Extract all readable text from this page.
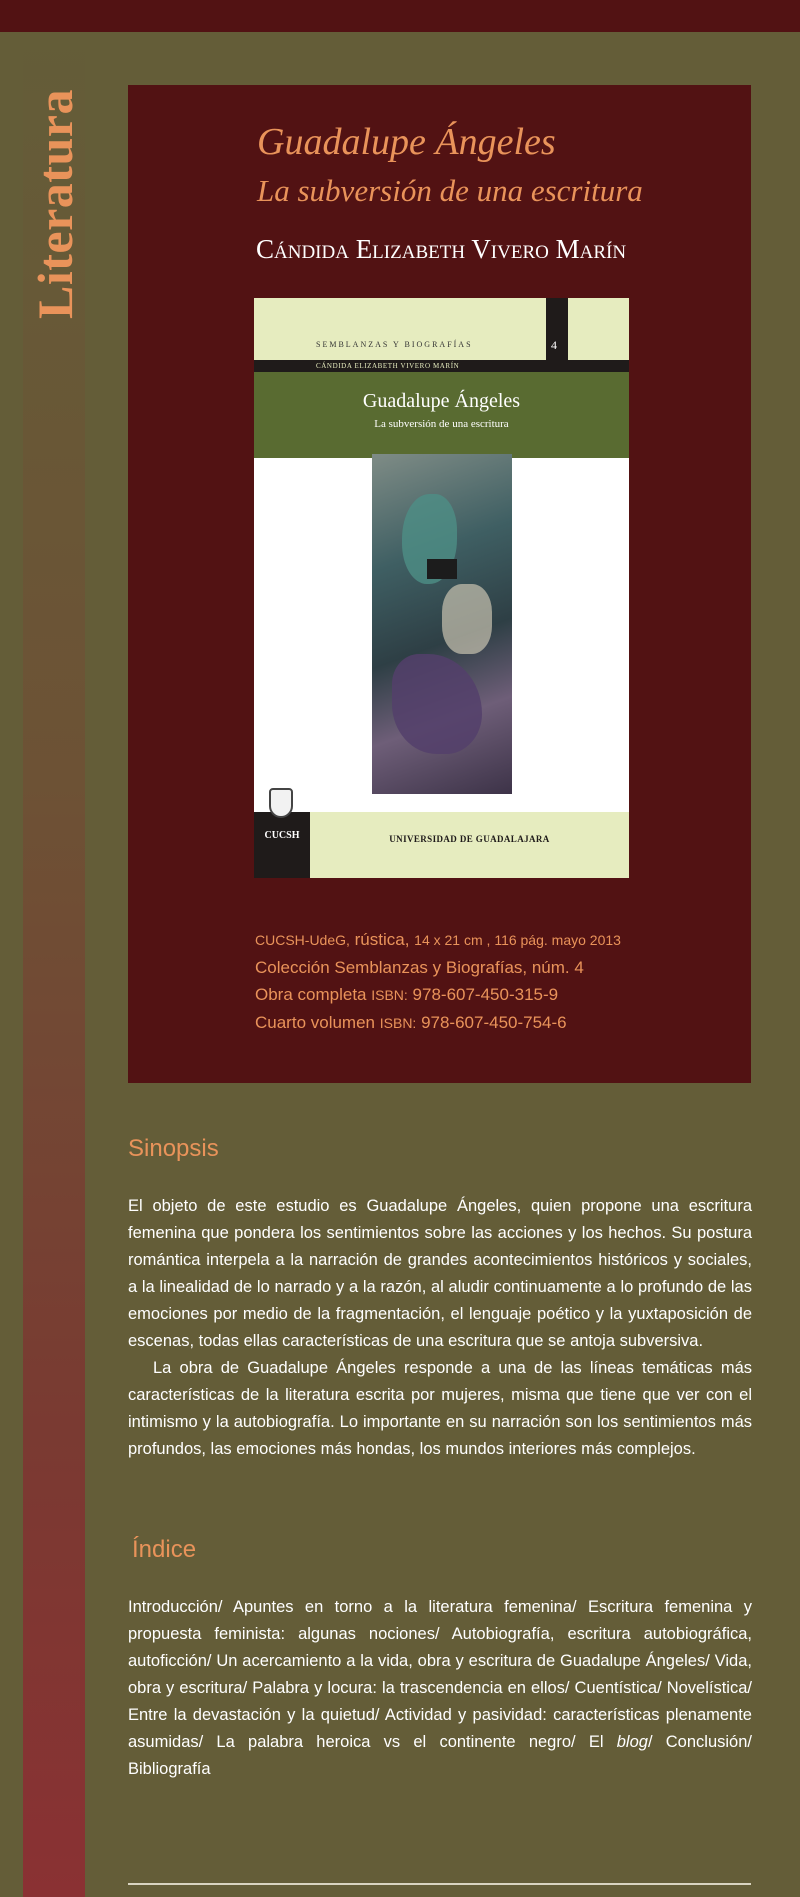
Literatura	Guadalupe Ángeles
La subversión de una escritura
Cándida Elizabeth Vivero Marín
SEMBLANZAS Y BIOGRAFÍAS	4
CÁNDIDA ELIZABETH VIVERO MARÍN
Guadalupe Ángeles
La subversión de una escritura
UNIVERSIDAD DE GUADALAJARA
CUCSH
CUCSH-UdeG, rústica, 14 x 21 cm , 116 pág. mayo 2013
Colección Semblanzas y Biografías, núm. 4
Obra completa ISBN: 978-607-450-315-9
Cuarto volumen ISBN: 978-607-450-754-6
Sinopsis

El objeto de este estudio es Guadalupe Ángeles, quien propone una escritura femenina que pondera los sentimientos sobre las acciones y los hechos. Su postura romántica interpela a la narración de grandes acontecimientos históricos y sociales, a la linealidad de lo narrado y a la razón, al aludir continuamente a lo profundo de las emociones por medio de la fragmentación, el lenguaje poético y la yuxtaposición de escenas, todas ellas características de una escritura que se antoja subversiva.

La obra de Guadalupe Ángeles responde a una de las líneas temáticas más características de la literatura escrita por mujeres, misma que tiene que ver con el intimismo y la autobiografía. Lo importante en su narración son los sentimientos más profundos, las emociones más hondas, los mundos interiores más complejos.

Índice

Introducción/ Apuntes en torno a la literatura femenina/ Escritura femenina y propuesta feminista: algunas nociones/ Autobiografía, escritura autobiográfica, autoficción/ Un acercamiento a la vida, obra y escritura de Guadalupe Ángeles/ Vida, obra y escritura/ Palabra y locura: la trascendencia en ellos/ Cuentística/ Novelística/ Entre la devastación y la quietud/ Actividad y pasividad: características plenamente asumidas/ La palabra heroica vs el continente negro/ El blog/ Conclusión/ Bibliografía
